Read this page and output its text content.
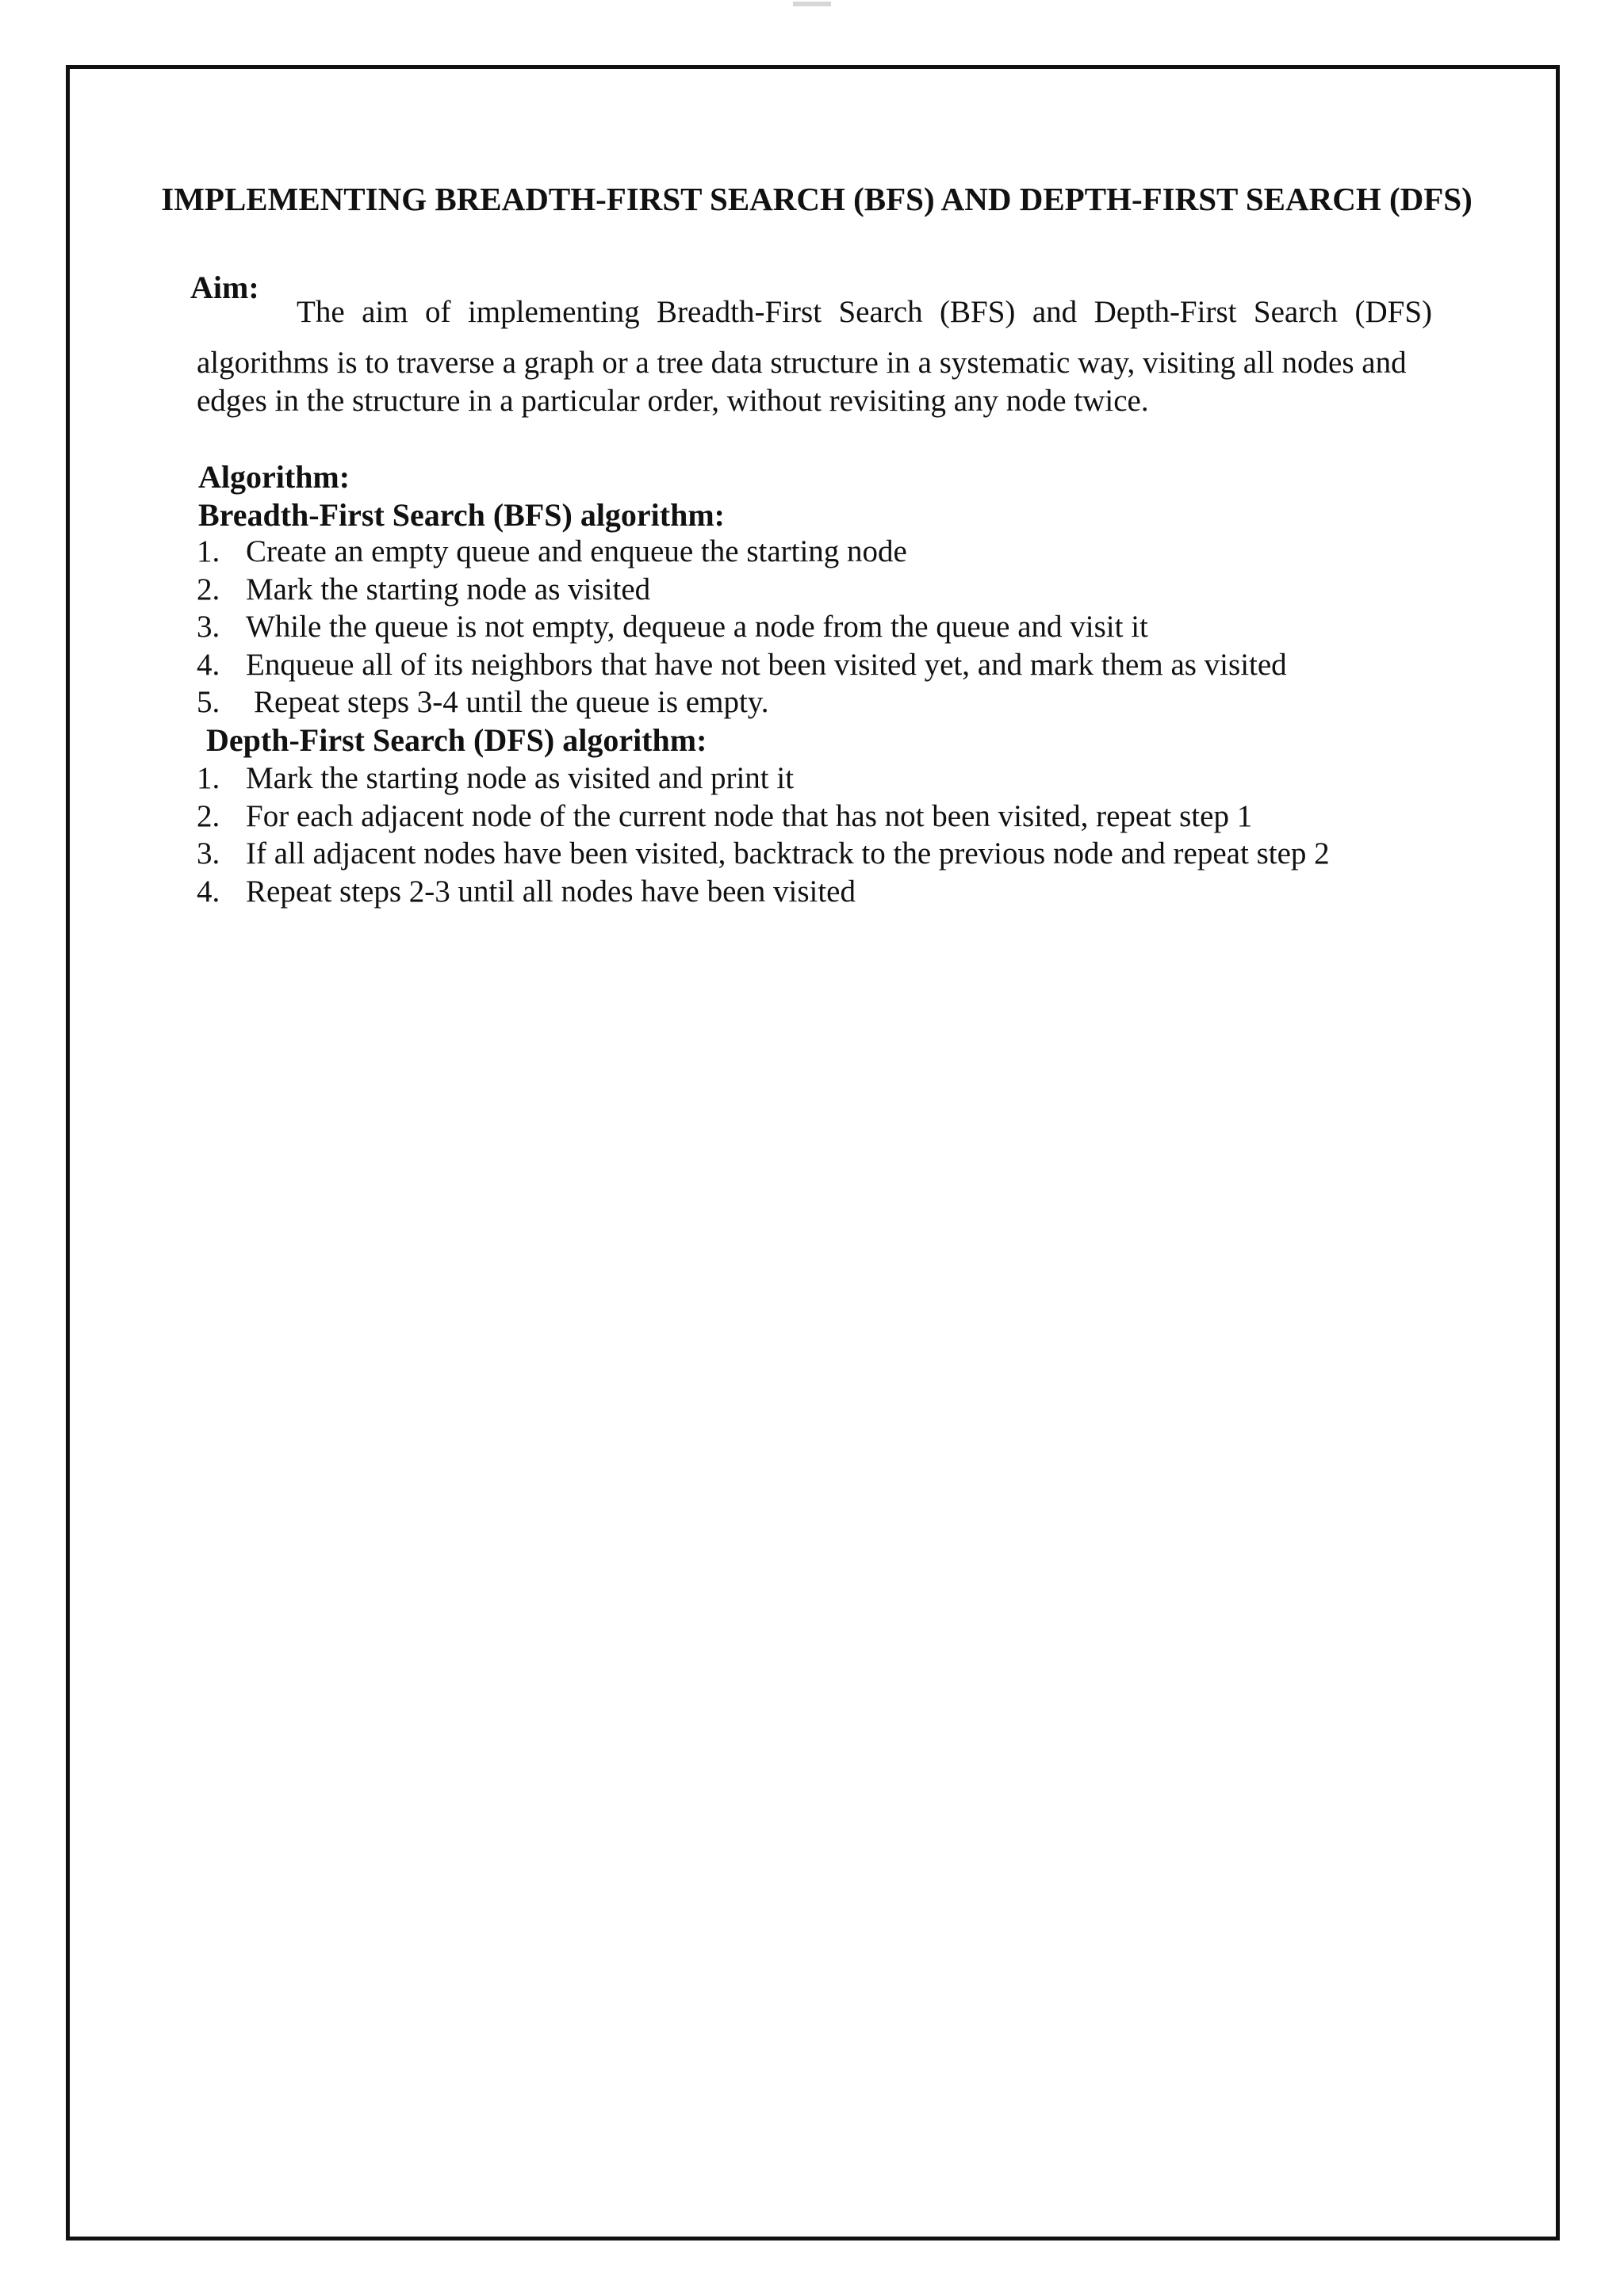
IMPLEMENTING BREADTH-FIRST SEARCH (BFS) AND DEPTH-FIRST SEARCH (DFS)
Aim:
The aim of implementing Breadth-First Search (BFS) and Depth-First Search (DFS)
algorithms is to traverse a graph or a tree data structure in a systematic way, visiting all nodes and edges in the structure in a particular order, without revisiting any node twice.
Algorithm:
Breadth-First Search (BFS) algorithm:
1. Create an empty queue and enqueue the starting node
2. Mark the starting node as visited
3. While the queue is not empty, dequeue a node from the queue and visit it
4. Enqueue all of its neighbors that have not been visited yet, and mark them as visited
5. Repeat steps 3-4 until the queue is empty.
Depth-First Search (DFS) algorithm:
1. Mark the starting node as visited and print it
2. For each adjacent node of the current node that has not been visited, repeat step 1
3. If all adjacent nodes have been visited, backtrack to the previous node and repeat step 2
4. Repeat steps 2-3 until all nodes have been visited
